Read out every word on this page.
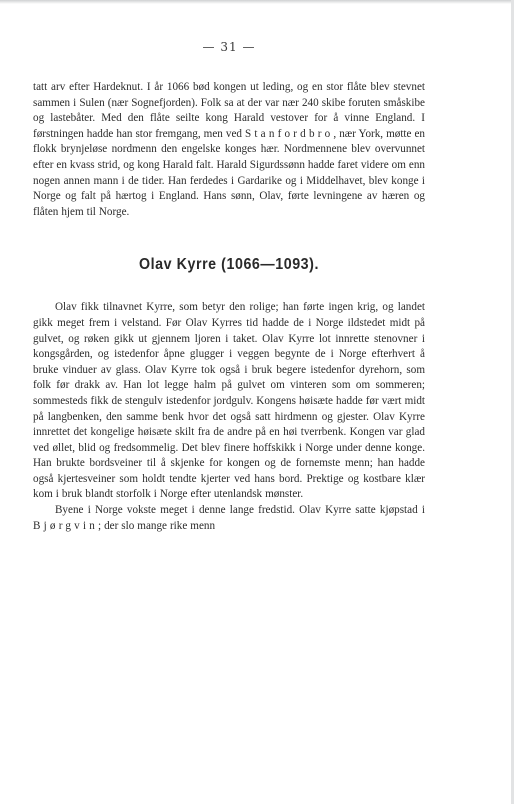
— 31 —

tatt arv efter Hardeknut. I år 1066 bød kongen ut leding, og en stor flåte blev stevnet sammen i Sulen (nær Sognefjorden). Folk sa at der var nær 240 skibe foruten småskibe og lastebåter. Med den flåte seilte kong Harald vestover for å vinne England. I førstningen hadde han stor fremgang, men ved Stanfordbro, nær York, møtte en flokk brynjeløse nordmenn den engelske konges hær. Nordmennene blev overvunnet efter en kvass strid, og kong Harald falt. Harald Sigurdssønn hadde faret videre om enn nogen annen mann i de tider. Han ferdedes i Gardarike og i Middelhavet, blev konge i Norge og falt på hærtog i England. Hans sønn, Olav, førte levningene av hæren og flåten hjem til Norge.

Olav Kyrre (1066—1093).

Olav fikk tilnavnet Kyrre, som betyr den rolige; han førte ingen krig, og landet gikk meget frem i velstand. Før Olav Kyrres tid hadde de i Norge ildstedet midt på gulvet, og røken gikk ut gjennem ljoren i taket. Olav Kyrre lot innrette stenovner i kongsgården, og istedenfor åpne glugger i veggen begynte de i Norge efterhvert å bruke vinduer av glass. Olav Kyrre tok også i bruk begere istedenfor dyrehorn, som folk før drakk av. Han lot legge halm på gulvet om vinteren som om sommeren; sommesteds fikk de stengulv istedenfor jordgulv. Kongens høisæte hadde før vært midt på langbenken, den samme benk hvor det også satt hirdmenn og gjester. Olav Kyrre innrettet det kongelige høisæte skilt fra de andre på en høi tverrbenk. Kongen var glad ved øllet, blid og fredsommelig. Det blev finere hoffskikk i Norge under denne konge. Han brukte bordsveiner til å skjenke for kongen og de fornemste menn; han hadde også kjertesveiner som holdt tendte kjerter ved hans bord. Prektige og kostbare klær kom i bruk blandt storfolk i Norge efter utenlandsk mønster.

Byene i Norge vokste meget i denne lange fredstid. Olav Kyrre satte kjøpstad i Bjørgvin; der slo mange rike menn
